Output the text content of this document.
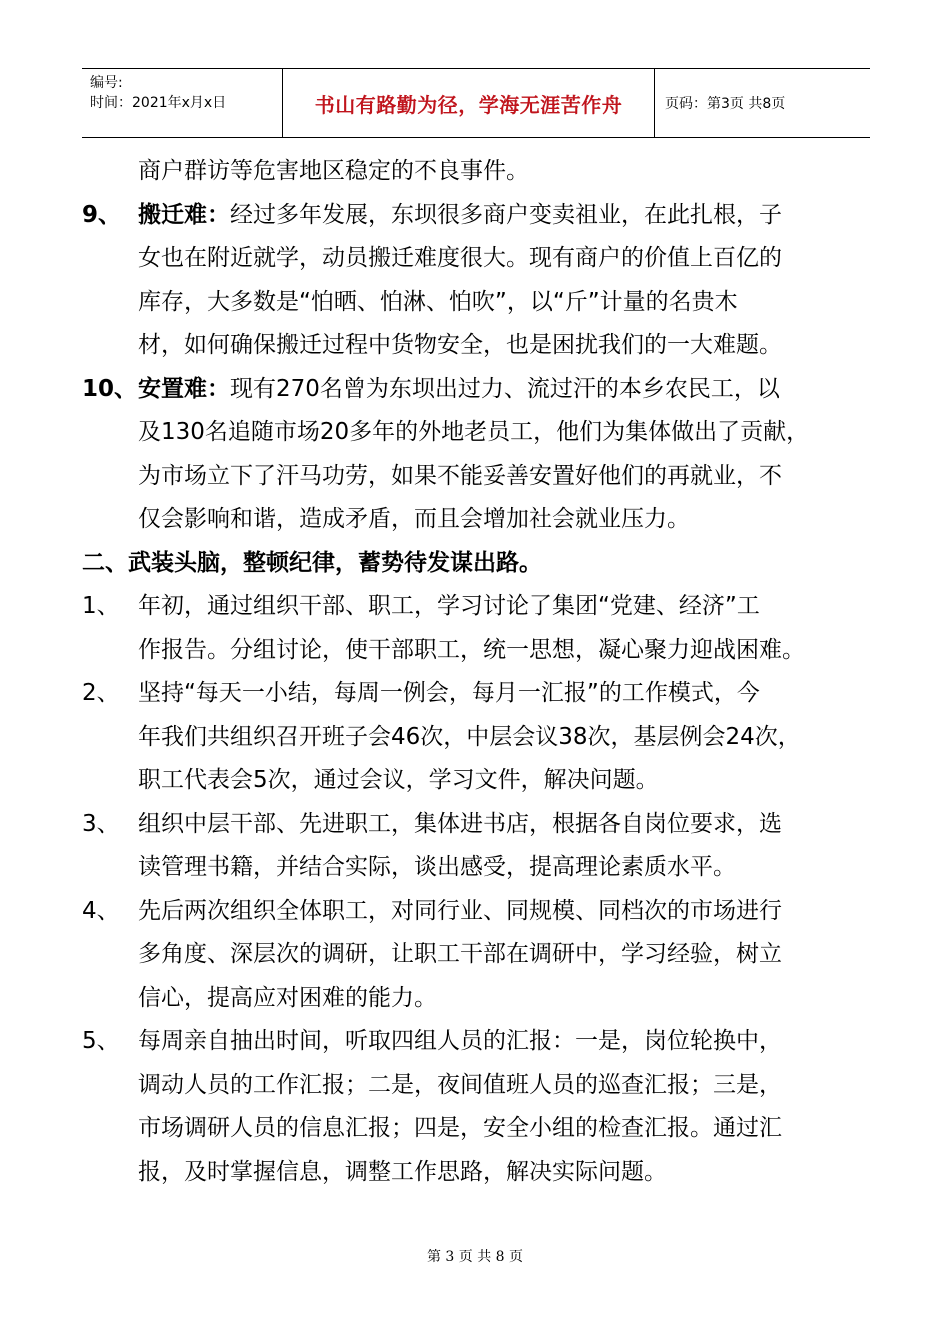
编号:
时间：2021年x月x日	书山有路勤为径，学海无涯苦作舟	页码：第3页 共8页
商户群访等危害地区稳定的不良事件。
9、 搬迁难：经过多年发展，东坝很多商户变卖祖业，在此扎根，子
女也在附近就学，动员搬迁难度很大。现有商户的价值上百亿的
库存，大多数是“怕晒、怕淋、怕吹”，以“斤”计量的名贵木
材，如何确保搬迁过程中货物安全，也是困扰我们的一大难题。
10、 安置难：现有270名曾为东坝出过力、流过汗的本乡农民工，以
及130名追随市场20多年的外地老员工，他们为集体做出了贡献，
为市场立下了汗马功劳，如果不能妥善安置好他们的再就业，不
仅会影响和谐，造成矛盾，而且会增加社会就业压力。
二、武装头脑，整顿纪律，蓄势待发谋出路。
1、 年初，通过组织干部、职工，学习讨论了集团“党建、经济”工
作报告。分组讨论，使干部职工，统一思想，凝心聚力迎战困难。
2、 坚持“每天一小结，每周一例会，每月一汇报”的工作模式，今
年我们共组织召开班子会46次，中层会议38次，基层例会24次，
职工代表会5次，通过会议，学习文件，解决问题。
3、 组织中层干部、先进职工，集体进书店，根据各自岗位要求，选
读管理书籍，并结合实际，谈出感受，提高理论素质水平。
4、 先后两次组织全体职工，对同行业、同规模、同档次的市场进行
多角度、深层次的调研，让职工干部在调研中，学习经验，树立
信心，提高应对困难的能力。
5、 每周亲自抽出时间，听取四组人员的汇报：一是，岗位轮换中，
调动人员的工作汇报；二是，夜间值班人员的巡查汇报；三是，
市场调研人员的信息汇报；四是，安全小组的检查汇报。通过汇
报，及时掌握信息，调整工作思路，解决实际问题。
第 3 页 共 8 页
